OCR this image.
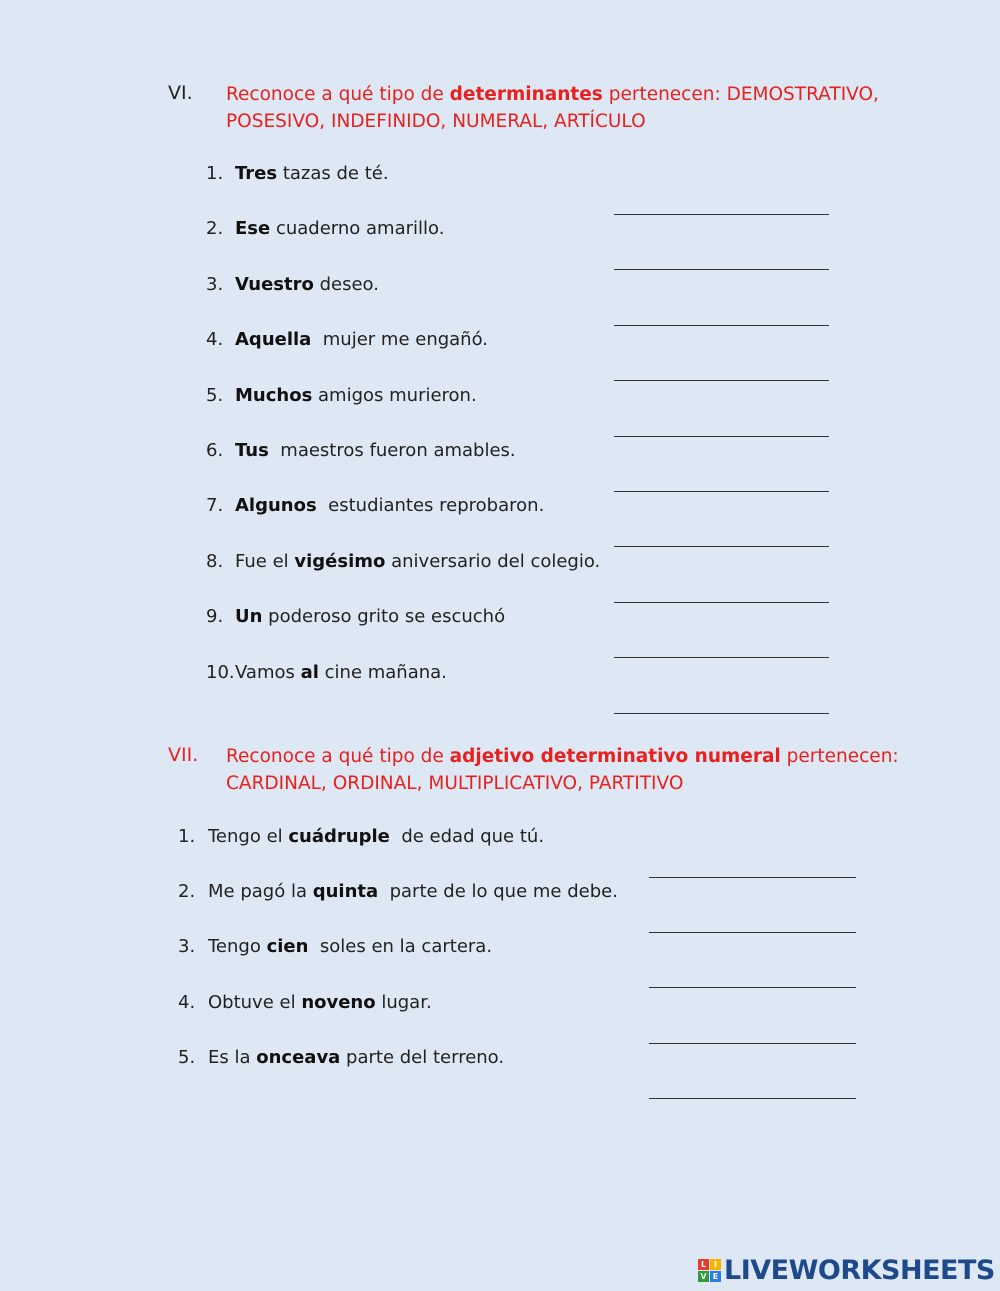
VI. Reconoce a qué tipo de determinantes pertenecen: DEMOSTRATIVO,
POSESIVO, INDEFINIDO, NUMERAL, ARTÍCULO
1. Tres tazas de té.
2. Ese cuaderno amarillo.
3. Vuestro deseo.
4. Aquella  mujer me engañó.
5. Muchos amigos murieron.
6. Tus  maestros fueron amables.
7. Algunos  estudiantes reprobaron.
8. Fue el vigésimo aniversario del colegio.
9. Un poderoso grito se escuchó
10.Vamos al cine mañana.
VII. Reconoce a qué tipo de adjetivo determinativo numeral pertenecen:
CARDINAL, ORDINAL, MULTIPLICATIVO, PARTITIVO
1. Tengo el cuádruple  de edad que tú.
2. Me pagó la quinta  parte de lo que me debe.
3. Tengo cien  soles en la cartera.
4. Obtuve el noveno lugar.
5. Es la onceava parte del terreno.
L I
V E LIVEWORKSHEETS
